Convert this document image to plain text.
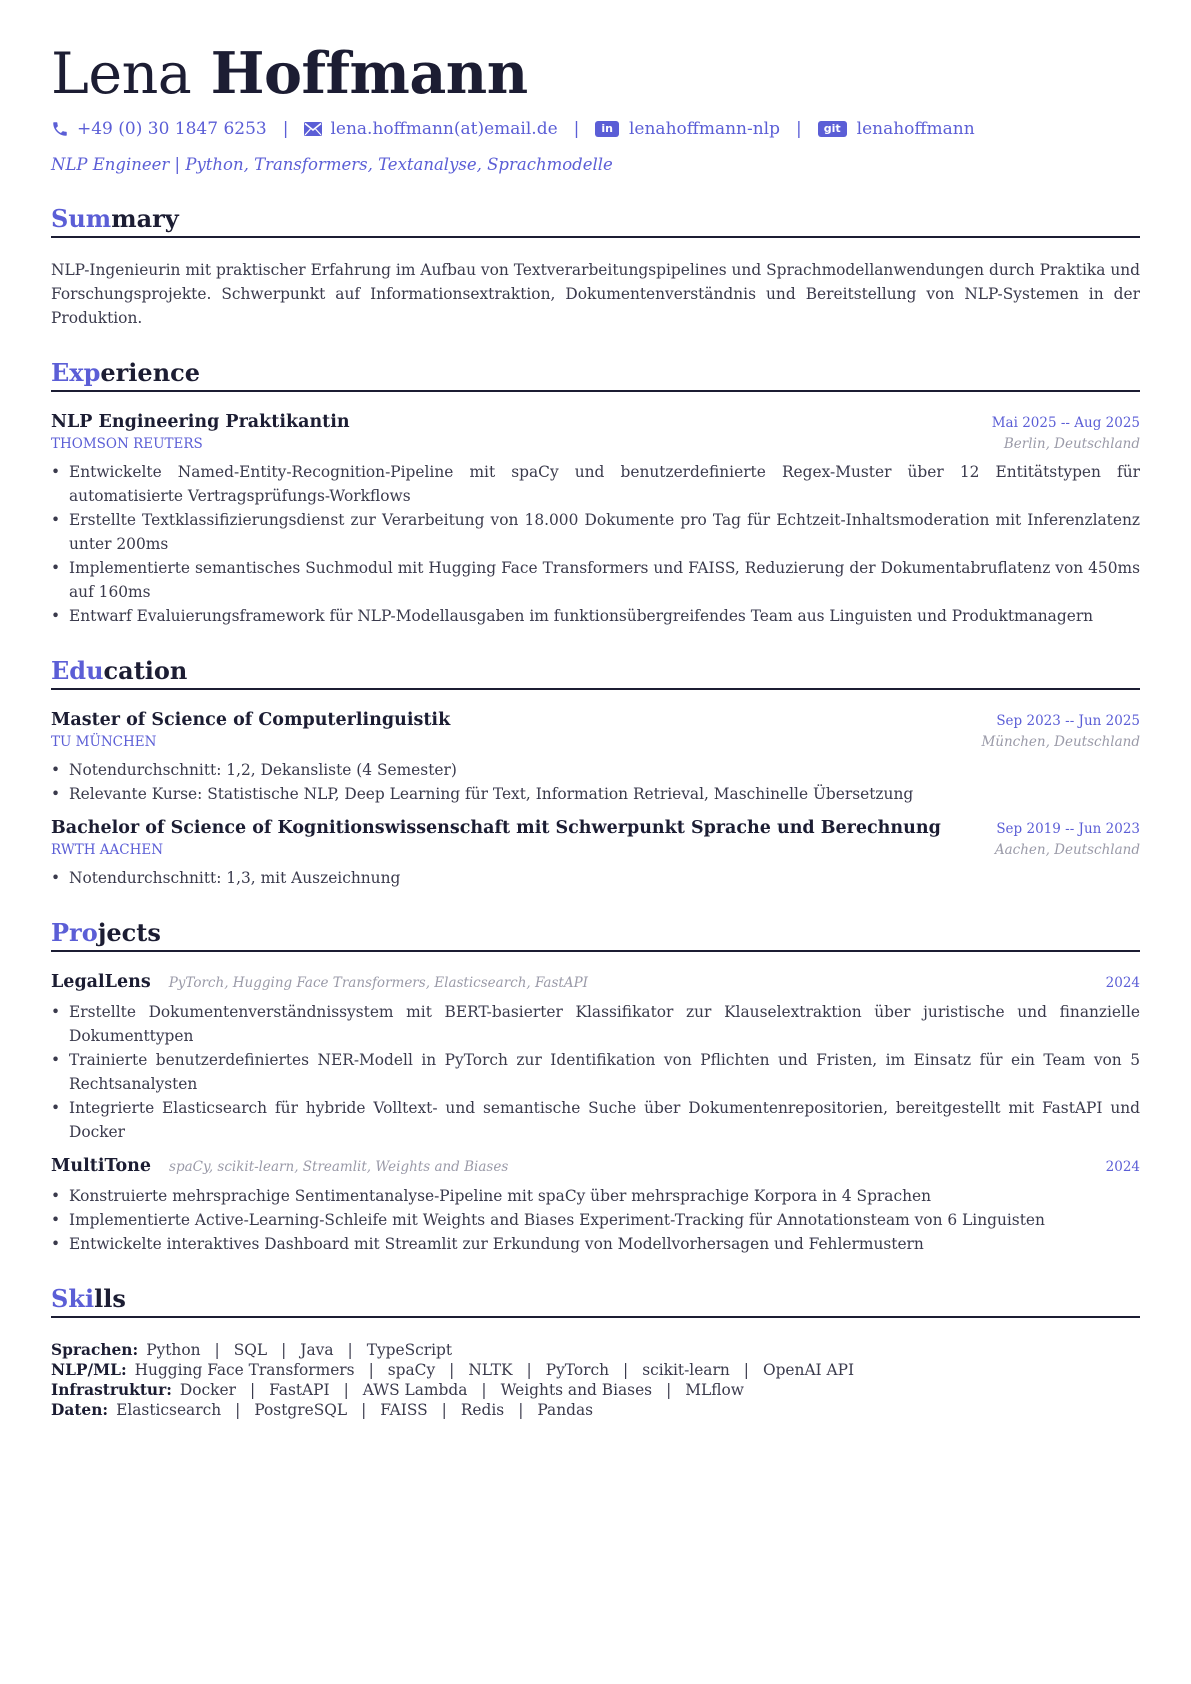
Lena Hoffmann
+49 (0) 30 1847 6253 | lena.hoffmann(at)email.de |	in lenahoffmann-nlp |	git lenahoffmann
NLP Engineer | Python, Transformers, Textanalyse, Sprachmodelle
Summary
NLP-Ingenieurin mit praktischer Erfahrung im Aufbau von Textverarbeitungspipelines und Sprachmodellanwendungen durch Praktika und Forschungsprojekte. Schwerpunkt auf Informationsextraktion, Dokumentenverständnis und Bereitstellung von NLP-Systemen in der Produktion.
Experience
NLP Engineering Praktikantin	Mai 2025 -- Aug 2025
THOMSON REUTERS	Berlin, Deutschland
• Entwickelte Named-Entity-Recognition-Pipeline mit spaCy und benutzerdefinierte Regex-Muster über 12 Entitätstypen für automatisierte Vertragsprüfungs-Workflows
• Erstellte Textklassifizierungsdienst zur Verarbeitung von 18.000 Dokumente pro Tag für Echtzeit-Inhaltsmoderation mit Inferenzlatenz unter 200ms
• Implementierte semantisches Suchmodul mit Hugging Face Transformers und FAISS, Reduzierung der Dokumentabruflatenz von 450ms auf 160ms
• Entwarf Evaluierungsframework für NLP-Modellausgaben im funktionsübergreifendes Team aus Linguisten und Produktmanagern
Education
Master of Science of Computerlinguistik	Sep 2023 -- Jun 2025
TU MÜNCHEN	München, Deutschland
• Notendurchschnitt: 1,2, Dekansliste (4 Semester)
• Relevante Kurse: Statistische NLP, Deep Learning für Text, Information Retrieval, Maschinelle Übersetzung
Bachelor of Science of Kognitionswissenschaft mit Schwerpunkt Sprache und Berechnung	Sep 2019 -- Jun 2023
RWTH AACHEN	Aachen, Deutschland
• Notendurchschnitt: 1,3, mit Auszeichnung
Projects
LegalLens PyTorch, Hugging Face Transformers, Elasticsearch, FastAPI	2024
• Erstellte Dokumentenverständnissystem mit BERT-basierter Klassifikator zur Klauselextraktion über juristische und finanzielle Dokumenttypen
• Trainierte benutzerdefiniertes NER-Modell in PyTorch zur Identifikation von Pflichten und Fristen, im Einsatz für ein Team von 5 Rechtsanalysten
• Integrierte Elasticsearch für hybride Volltext- und semantische Suche über Dokumentenrepositorien, bereitgestellt mit FastAPI und Docker
MultiTone spaCy, scikit-learn, Streamlit, Weights and Biases	2024
• Konstruierte mehrsprachige Sentimentanalyse-Pipeline mit spaCy über mehrsprachige Korpora in 4 Sprachen
• Implementierte Active-Learning-Schleife mit Weights and Biases Experiment-Tracking für Annotationsteam von 6 Linguisten
• Entwickelte interaktives Dashboard mit Streamlit zur Erkundung von Modellvorhersagen und Fehlermustern
Skills
Sprachen: Python | SQL | Java | TypeScript
NLP/ML: Hugging Face Transformers | spaCy | NLTK | PyTorch | scikit-learn | OpenAI API
Infrastruktur: Docker | FastAPI | AWS Lambda | Weights and Biases | MLflow
Daten: Elasticsearch | PostgreSQL | FAISS | Redis | Pandas
